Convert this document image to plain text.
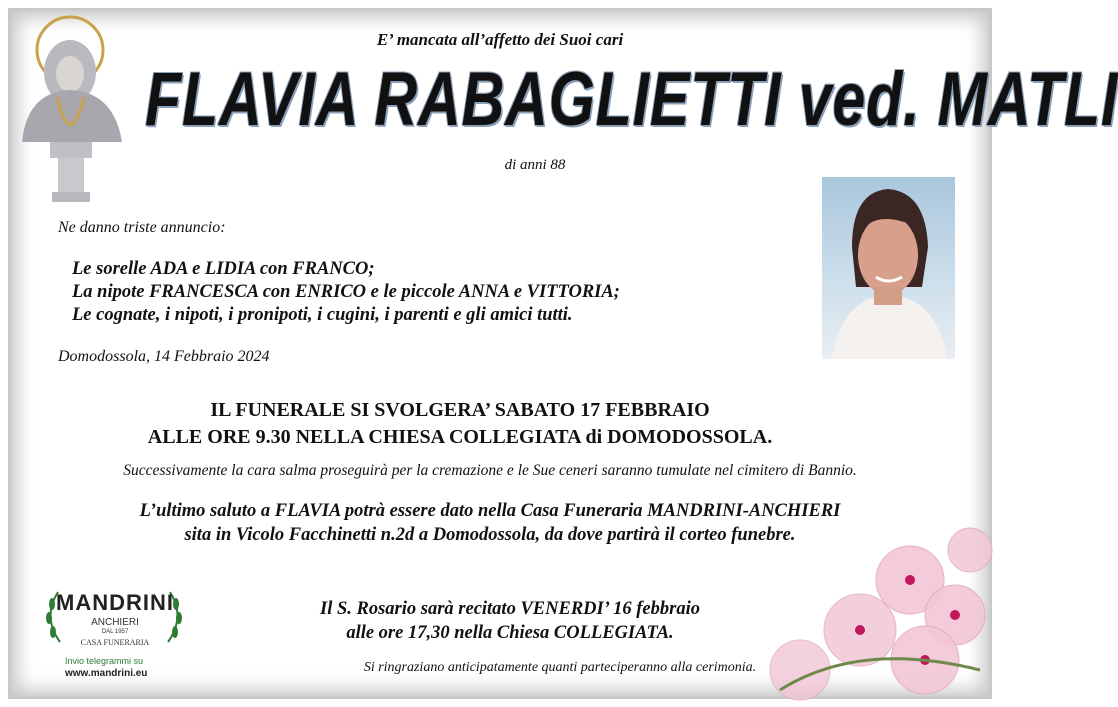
E’ mancata all’affetto dei Suoi cari
FLAVIA RABAGLIETTI ved. MATLI
di anni 88
Ne danno triste annuncio:
Le sorelle ADA e LIDIA con FRANCO;
La nipote FRANCESCA con ENRICO e le piccole ANNA e VITTORIA;
Le cognate, i nipoti, i pronipoti, i cugini, i parenti e gli amici tutti.
Domodossola, 14 Febbraio 2024
IL FUNERALE SI SVOLGERA’ SABATO 17 FEBBRAIO
ALLE ORE 9.30 NELLA CHIESA COLLEGIATA di DOMODOSSOLA.
Successivamente la cara salma proseguirà per la cremazione e le Sue ceneri saranno tumulate nel cimitero di Bannio.
L’ultimo saluto a FLAVIA potrà essere dato nella Casa Funeraria MANDRINI-ANCHIERI
sita in Vicolo Facchinetti n.2d a Domodossola, da dove partirà il corteo funebre.
MANDRINI
ANCHIERI
DAL 1957
CASA FUNERARIA
Invio telegrammi su
www.mandrini.eu
Il S. Rosario sarà recitato VENERDI’ 16 febbraio
alle ore 17,30 nella Chiesa COLLEGIATA.
Si ringraziano anticipatamente quanti parteciperanno alla cerimonia.
